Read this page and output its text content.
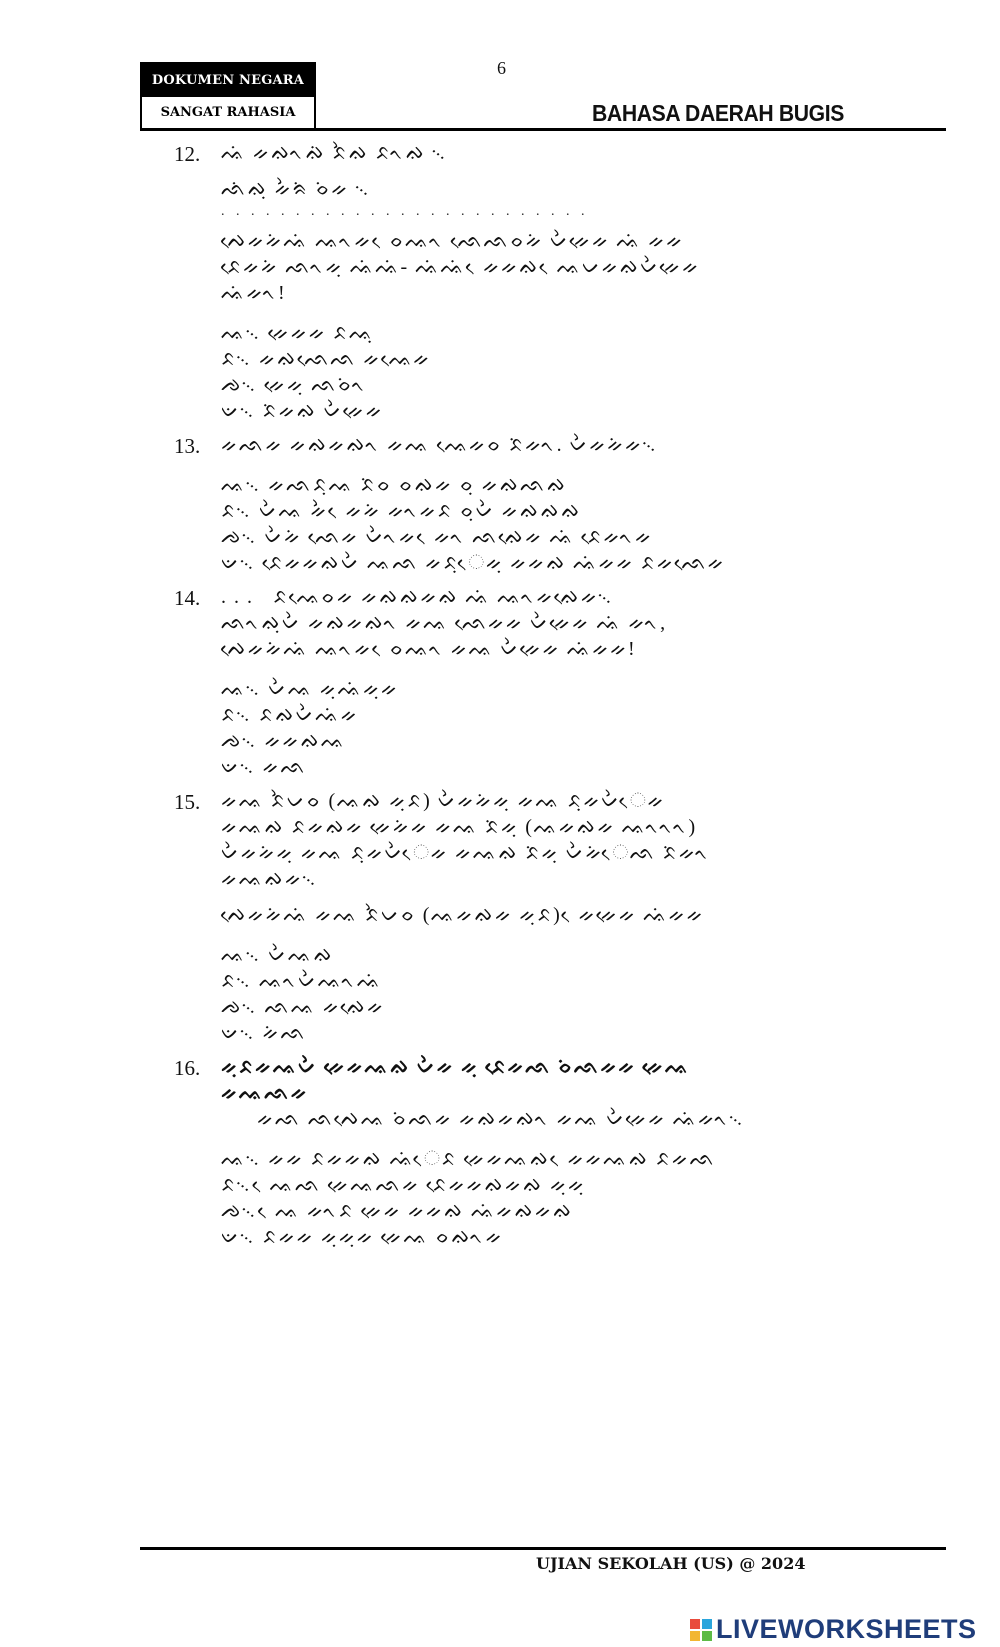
DOKUMEN NEGARA
SANGAT RAHASIA
6
BAHASA DAERAH BUGIS
12. ᨕᨗ ᨀᨁᨚᨁᨗ ᨅᨛᨁ ᨅᨚᨁ ᨞
ᨒᨗᨁᨘ ᨀᨛᨑᨗ ᨔᨗᨀ ᨞
. . . . . . . . . . . . . . . . . . . . . . . . .
ᨄᨙᨀᨀᨗᨕᨗ ᨕᨚᨀ ᨙᨔᨕᨚ ᨒᨙᨒᨔᨀᨗ ᨆᨛᨀᨙᨀ ᨕᨗ ᨀᨀ
ᨅᨙᨀᨀᨗ ᨒᨚᨀᨘ ᨕᨗᨕᨗ- ᨕᨗᨕᨗ ᨙᨀᨀᨁ ᨙᨕᨆᨀᨁᨆᨛᨀᨙᨀ
ᨕᨗᨀᨚ!
ᨕ᨞ ᨀᨙᨀᨀ ᨅᨕᨘ
ᨅ᨞ ᨀᨁᨒᨙᨒ ᨀᨕᨙᨀ
ᨌ᨞ ᨀᨙᨀᨘ ᨒᨔᨗᨚ
ᨉ᨞ ᨅᨗᨀᨁ ᨆᨛᨀᨙᨀ
13. ᨀᨒᨀ ᨀᨁᨀᨁᨚ ᨀᨕ ᨕᨙᨀᨔ ᨅᨗᨀᨚ. ᨆᨛᨀᨀᨗᨀ᨞
ᨕ᨞ ᨀᨒᨅᨘᨕ ᨅᨗᨔ ᨔᨁᨀ ᨔᨘ ᨀᨁᨒᨁ
ᨅ᨞ ᨆᨛᨕ ᨀᨛ ᨙᨀᨀᨗ ᨀᨚᨀᨅ ᨔᨘᨆᨛ ᨀᨁᨁᨁ
ᨌ᨞ ᨆᨛᨀᨗ ᨒᨙᨀ ᨆᨛᨚᨀ ᨙᨀᨚ ᨒᨁᨙᨀ ᨕᨗ ᨅᨙᨀᨚᨀ
ᨉ᨞ ᨅᨙᨀᨀᨁᨆᨛ ᨕᨒ ᨀᨅᨘᨙᨀᨘ ᨀᨀᨁ ᨕᨗᨀᨀ ᨅᨀᨒᨙᨀ
14. . . .   ᨅᨕᨙᨔᨀ ᨀᨁᨁᨀᨁ ᨕᨗ ᨕᨚᨀᨁᨙᨀ᨞
ᨒᨚᨁᨘᨆᨛ ᨀᨁᨀᨁᨚ ᨀᨕ ᨒᨙᨀᨀ ᨆᨛᨀᨙᨀ ᨕᨗ ᨀᨚ,
ᨄᨙᨀᨀᨗᨕᨗ ᨕᨚᨀ ᨙᨔᨕᨚ ᨀᨕ ᨆᨛᨀᨙᨀ ᨕᨗᨀᨀ!
ᨕ᨞ ᨆᨛᨕ ᨀᨘᨕᨗᨀᨘᨀ
ᨅ᨞ ᨅᨁᨆᨛᨕᨗᨀ
ᨌ᨞ ᨀᨀᨁᨕ
ᨉ᨞ ᨀᨒ
15. ᨀᨕ ᨅᨛᨆᨔ (ᨕᨁ ᨀᨘᨅ) ᨆᨛᨀᨀᨗᨀᨘ ᨀᨕ ᨅᨘᨀᨆᨛᨙᨀ
ᨀᨕᨁ ᨅᨀᨁᨀ ᨀᨙᨀᨗᨀ ᨀᨕ ᨅᨗᨀᨘ (ᨕᨀᨁᨀ ᨕᨚᨚᨚ)
ᨆᨛᨀᨀᨗᨀᨘ ᨀᨕ ᨅᨘᨀᨆᨛᨙᨀ ᨀᨕᨁ ᨅᨗᨀᨘ ᨆᨛᨀᨗᨙᨒ ᨅᨗᨀᨚ
ᨀᨕᨁᨀ᨞
ᨄᨙᨀᨀᨗᨕᨗ ᨀᨕ ᨅᨛᨆᨔ (ᨕᨀᨁᨀ ᨀᨘᨅ) ᨙᨀᨀᨙᨀ ᨕᨗᨀᨀ
ᨕ᨞ ᨆᨛᨕᨁ
ᨅ᨞ ᨕᨚᨆᨛᨕᨚᨕᨗ
ᨌ᨞ ᨒᨕ ᨀᨁᨙᨀ
ᨉ᨞ ᨀᨗᨒ
16. ᨀᨘᨅᨀᨕᨆᨛ ᨀᨙᨀᨕᨁ ᨆᨛᨀ ᨀᨘ ᨅᨙᨀᨒ ᨔᨗᨒᨀᨀ ᨀᨙᨕ
ᨀᨕᨒᨀ
ᨀᨒ ᨒᨄᨙᨕ ᨔᨗᨒᨀ ᨀᨁᨀᨁᨚ ᨀᨕ ᨆᨛᨀᨙᨀ ᨕᨗᨀᨚ᨞
ᨕ᨞ ᨀᨀ ᨅᨀᨀᨁ ᨕᨗᨙᨅ ᨀᨙᨀᨕᨁ ᨙᨀᨀᨕᨁ ᨅᨀᨒ
ᨅ᨞ ᨙᨕᨒ ᨀᨙᨕᨒᨀ ᨅᨙᨀᨀᨁᨀᨁ ᨀᨘᨀᨘ
ᨌ᨞ ᨙᨕ ᨀᨚᨅ ᨀᨙᨀ ᨀᨀᨁ ᨕᨗᨀᨁᨀᨁ
ᨉ᨞ ᨅᨀᨀ ᨀᨘᨀᨘᨀ ᨀᨙᨕ ᨔᨁᨚᨀ
UJIAN SEKOLAH (US) @ 2024
LIVEWORKSHEETS
